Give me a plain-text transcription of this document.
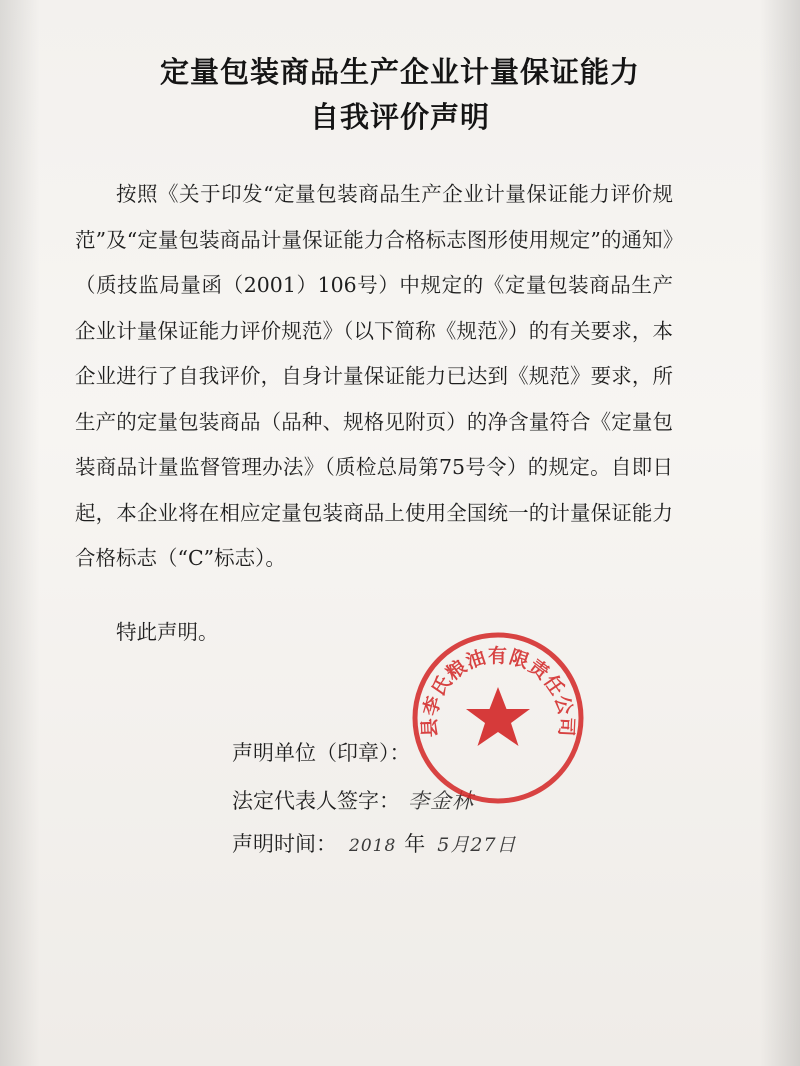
定量包装商品生产企业计量保证能力
自我评价声明

按照《关于印发“定量包装商品生产企业计量保证能力评价规范”及“定量包装商品计量保证能力合格标志图形使用规定”的通知》（质技监局量函（2001）106号）中规定的《定量包装商品生产企业计量保证能力评价规范》（以下简称《规范》）的有关要求，本企业进行了自我评价，自身计量保证能力已达到《规范》要求，所生产的定量包装商品（品种、规格见附页）的净含量符合《定量包装商品计量监督管理办法》（质检总局第75号令）的规定。自即日起，本企业将在相应定量包装商品上使用全国统一的计量保证能力合格标志（“C”标志）。

特此声明。

声明单位（印章）：
法定代表人签字： 李金林
声明时间： 2018 年 5月27日
县李氏粮油有限责任公司
